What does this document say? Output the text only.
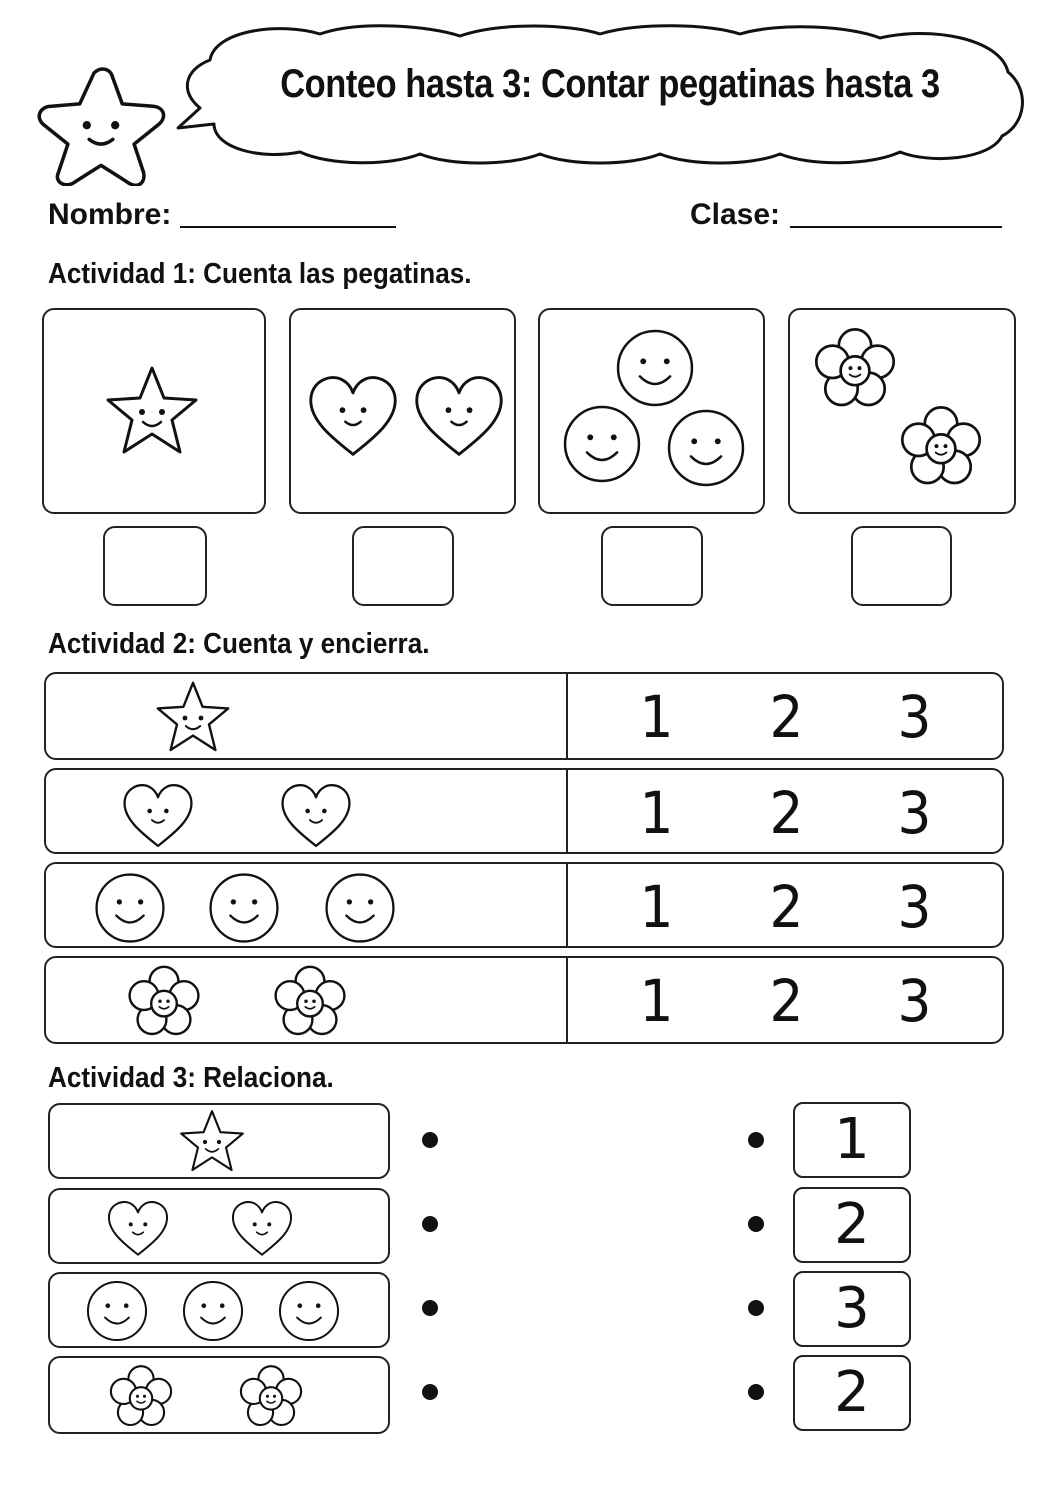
Conteo hasta 3: Contar pegatinas hasta 3
Nombre:	Clase:
Actividad 1: Cuenta las pegatinas.
Actividad 2: Cuenta y encierra.
1 2 3
1 2 3
1 2 3
1 2 3
Actividad 3: Relaciona.
1
2
3
2
